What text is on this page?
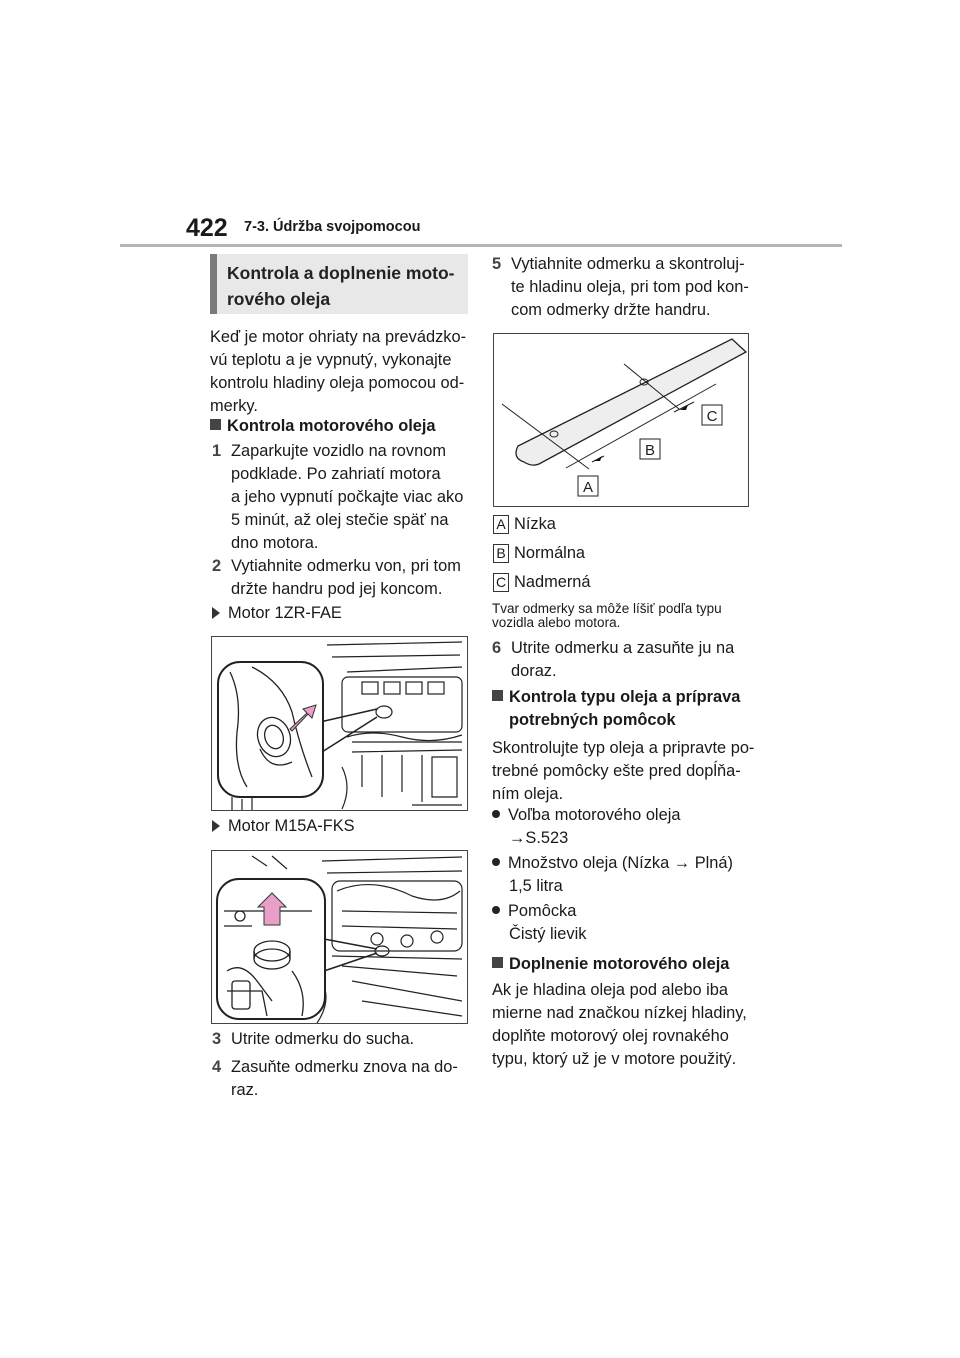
422 7-3. Údržba svojpomocou
Kontrola a doplnenie moto-
rového oleja
Keď je motor ohriaty na prevádzko-
vú teplotu a je vypnutý, vykonajte
kontrolu hladiny oleja pomocou od-
merky.
Kontrola motorového oleja
1 Zaparkujte vozidlo na rovnom
podklade. Po zahriatí motora
a jeho vypnutí počkajte viac ako
5 minút, až olej stečie späť na
dno motora.
2 Vytiahnite odmerku von, pri tom
držte handru pod jej koncom.
Motor 1ZR-FAE
Motor M15A-FKS
3 Utrite odmerku do sucha.
4 Zasuňte odmerku znova na do-
raz.
5 Vytiahnite odmerku a skontroluj-
te hladinu oleja, pri tom pod kon-
com odmerky držte handru.
A
B
C
A Nízka
B Normálna
C Nadmerná
Tvar odmerky sa môže líšiť podľa typu
vozidla alebo motora.
6 Utrite odmerku a zasuňte ju na
doraz.
Kontrola typu oleja a príprava
potrebných pomôcok
Skontrolujte typ oleja a pripravte po-
trebné pomôcky ešte pred dopĺňa-
ním oleja.
Voľba motorového oleja
→S.523
Množstvo oleja (Nízka → Plná)
1,5 litra
Pomôcka
Čistý lievik
Doplnenie motorového oleja
Ak je hladina oleja pod alebo iba
mierne nad značkou nízkej hladiny,
doplňte motorový olej rovnakého
typu, ktorý už je v motore použitý.
